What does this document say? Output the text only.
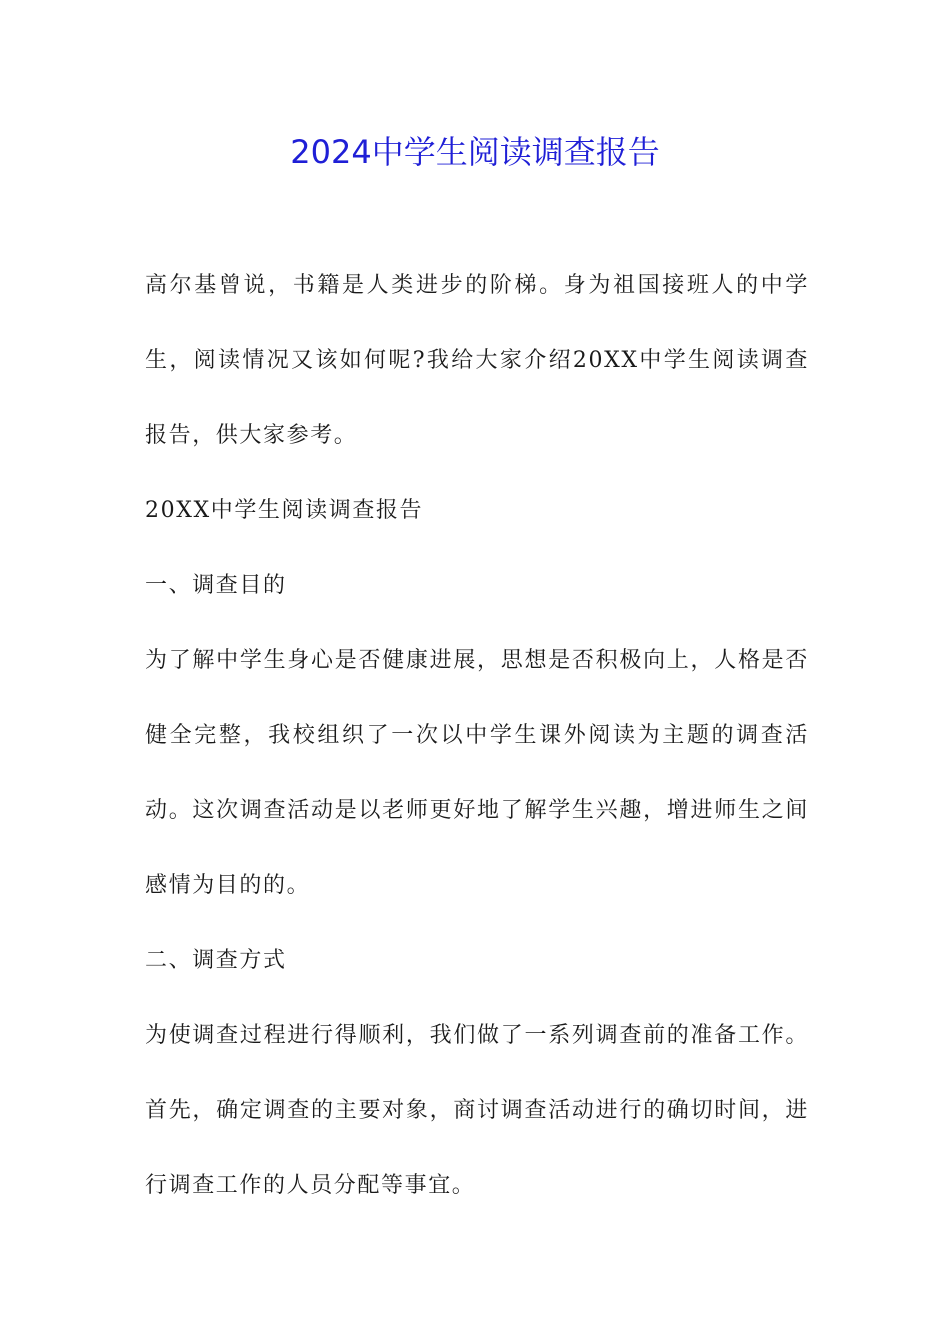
2024中学生阅读调查报告

高尔基曾说，书籍是人类进步的阶梯。身为祖国接班人的中学生，阅读情况又该如何呢?我给大家介绍20XX中学生阅读调查报告，供大家参考。

20XX中学生阅读调查报告

一、调查目的

为了解中学生身心是否健康进展，思想是否积极向上，人格是否健全完整，我校组织了一次以中学生课外阅读为主题的调查活动。这次调查活动是以老师更好地了解学生兴趣，增进师生之间感情为目的的。

二、调查方式

为使调查过程进行得顺利，我们做了一系列调查前的准备工作。首先，确定调查的主要对象，商讨调查活动进行的确切时间，进行调查工作的人员分配等事宜。
